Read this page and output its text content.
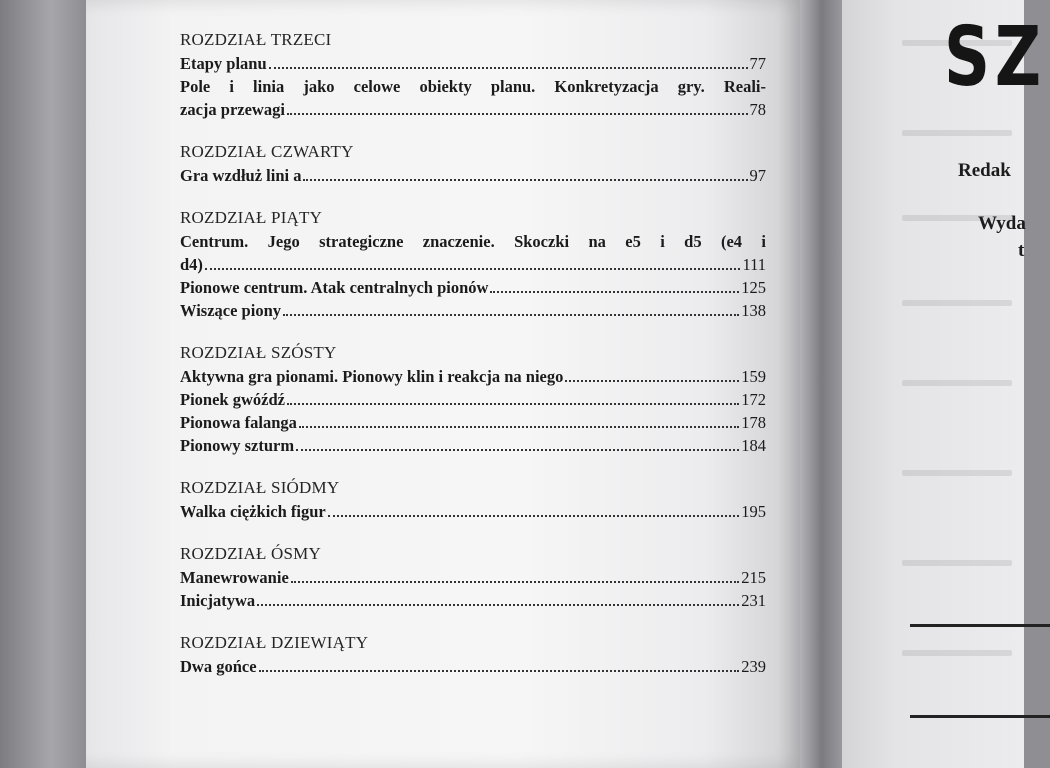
SZ
Redak
Wyda
t
ROZDZIAŁ TRZECI
Etapy planu	77
Pole i linia jako celowe obiekty planu. Konkretyzacja gry. Reali-
zacja przewagi	78
ROZDZIAŁ CZWARTY
Gra wzdłuż lini a	97
ROZDZIAŁ PIĄTY
Centrum. Jego strategiczne znaczenie. Skoczki na e5 i d5 (e4 i
d4)	111
Pionowe centrum. Atak centralnych pionów	125
Wiszące piony	138
ROZDZIAŁ SZÓSTY
Aktywna gra pionami. Pionowy klin i reakcja na niego	159
Pionek gwóźdź	172
Pionowa falanga	178
Pionowy szturm	184
ROZDZIAŁ SIÓDMY
Walka ciężkich figur	195
ROZDZIAŁ ÓSMY
Manewrowanie	215
Inicjatywa	231
ROZDZIAŁ DZIEWIĄTY
Dwa gońce	239
